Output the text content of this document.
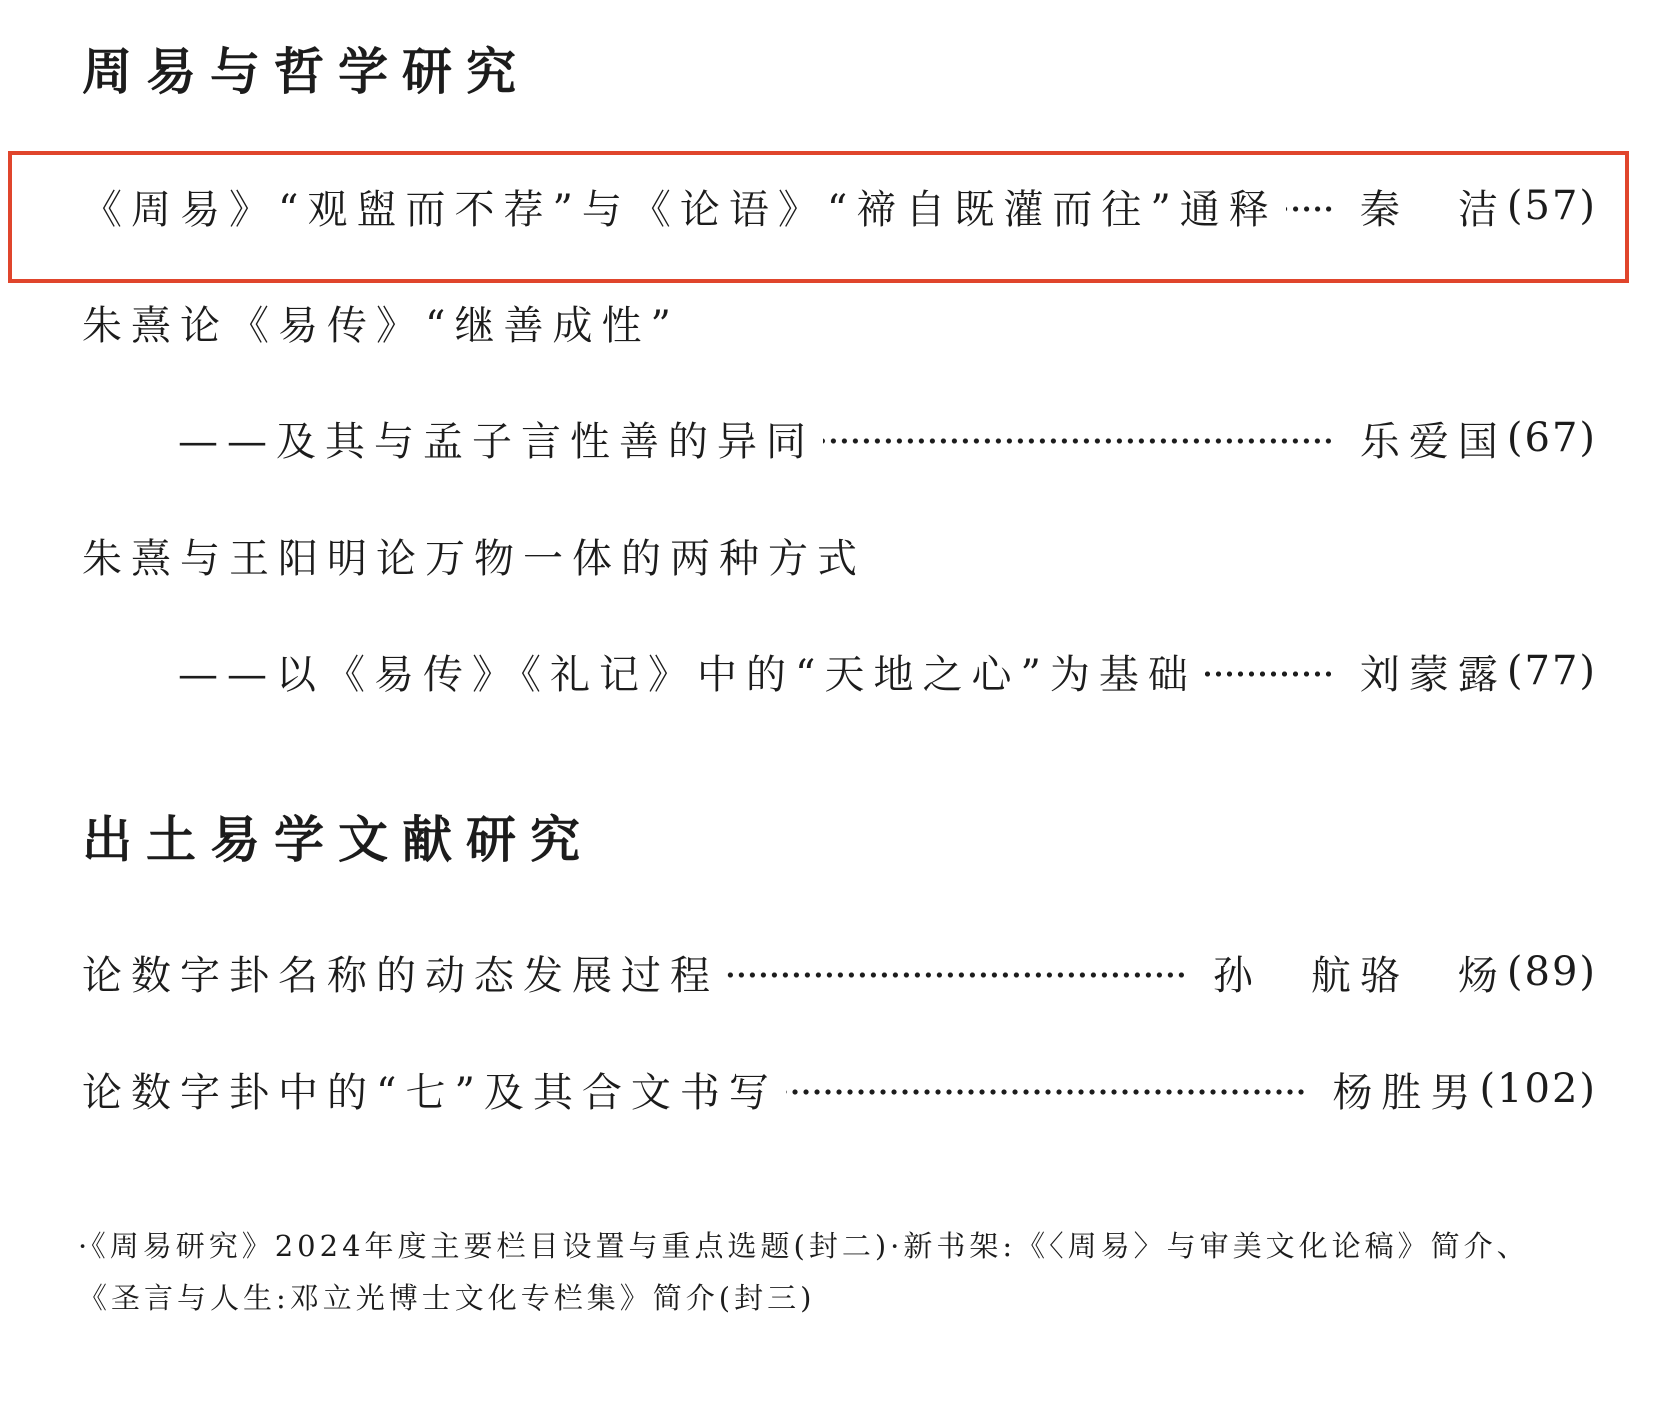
周易与哲学研究
《周易》“观盥而不荐”与《论语》“禘自既灌而往”通释 秦　洁 (57)
朱熹论《易传》“继善成性”
——及其与孟子言性善的异同	乐爱国 (67)
朱熹与王阳明论万物一体的两种方式
——以《易传》《礼记》中的“天地之心”为基础	刘蒙露 (77)
出土易学文献研究
论数字卦名称的动态发展过程	孙　航骆　炀 (89)
论数字卦中的“七”及其合文书写	杨胜男 (102)
·《周易研究》2024年度主要栏目设置与重点选题(封二)·新书架:《〈周易〉与审美文化论稿》简介、
《圣言与人生:邓立光博士文化专栏集》简介(封三)
